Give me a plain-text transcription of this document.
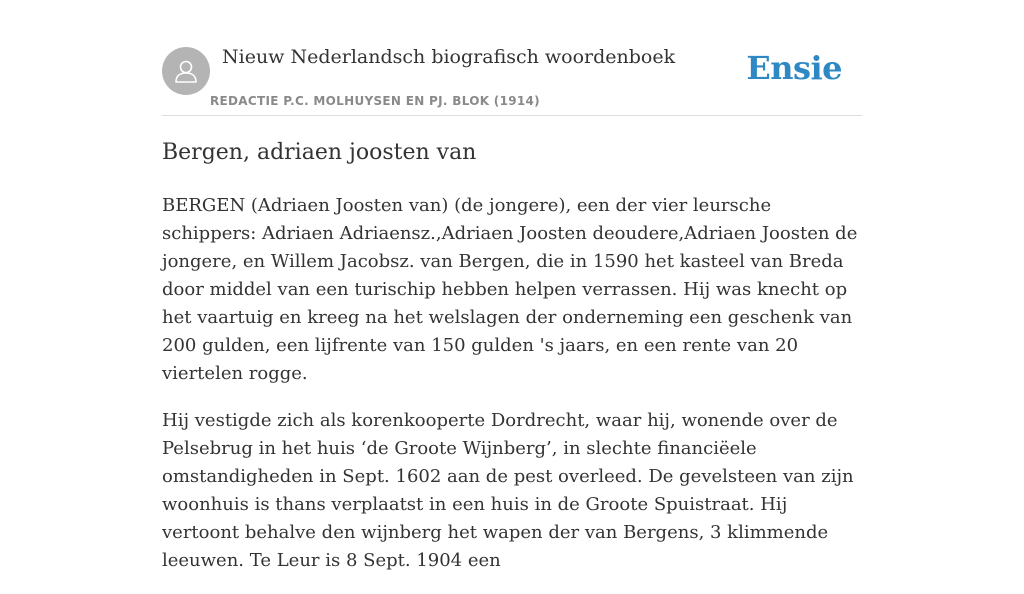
Nieuw Nederlandsch biografisch woordenboek
REDACTIE P.C. MOLHUYSEN EN PJ. BLOK (1914)
Ensie
Bergen, adriaen joosten van

BERGEN (Adriaen Joosten van) (de jongere), een der vier leursche schippers: Adriaen Adriaensz.,Adriaen Joosten deoudere,Adriaen Joosten de jongere, en Willem Jacobsz. van Bergen, die in 1590 het kasteel van Breda door middel van een turischip hebben helpen verrassen. Hij was knecht op het vaartuig en kreeg na het welslagen der onderneming een geschenk van 200 gulden, een lijfrente van 150 gulden 's jaars, en een rente van 20 viertelen rogge.

Hij vestigde zich als korenkooperte Dordrecht, waar hij, wonende over de Pelsebrug in het huis ‘de Groote Wijnberg’, in slechte financiëele omstandigheden in Sept. 1602 aan de pest overleed. De gevelsteen van zijn woonhuis is thans verplaatst in een huis in de Groote Spuistraat. Hij vertoont behalve den wijnberg het wapen der van Bergens, 3 klimmende leeuwen. Te Leur is 8 Sept. 1904 een
